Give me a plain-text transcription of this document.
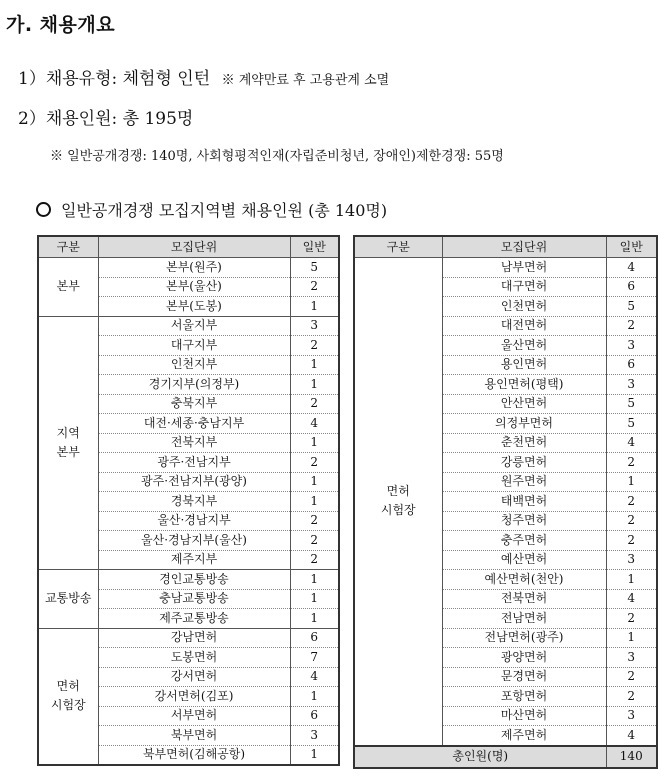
가. 채용개요
1）채용유형: 체험형 인턴 ※ 계약만료 후 고용관계 소멸
2）채용인원: 총 195명
※ 일반공개경쟁: 140명, 사회형평적인재(자립준비청년, 장애인)제한경쟁: 55명
일반공개경쟁 모집지역별 채용인원 (총 140명)
구분	모집단위	일반
본부	본부(원주)	5
	본부(울산)	2
	본부(도봉)	1
지역
본부	서울지부	3
	대구지부	2
	인천지부	1
	경기지부(의정부)	1
	충북지부	2
	대전·세종·충남지부	4
	전북지부	1
	광주·전남지부	2
	광주·전남지부(광양)	1
	경북지부	1
	울산·경남지부	2
	울산·경남지부(울산)	2
	제주지부	2
교통방송	경인교통방송	1
	충남교통방송	1
	제주교통방송	1
면허
시험장	강남면허	6
	도봉면허	7
	강서면허	4
	강서면허(김포)	1
	서부면허	6
	북부면허	3
	북부면허(김해공항)	1
구분	모집단위	일반
면허
시험장	남부면허	4
	대구면허	6
	인천면허	5
	대전면허	2
	울산면허	3
	용인면허	6
	용인면허(평택)	3
	안산면허	5
	의정부면허	5
	춘천면허	4
	강릉면허	2
	원주면허	1
	태백면허	2
	청주면허	2
	충주면허	2
	예산면허	3
	예산면허(천안)	1
	전북면허	4
	전남면허	2
	전남면허(광주)	1
	광양면허	3
	문경면허	2
	포항면허	2
	마산면허	3
	제주면허	4
총인원(명)		140
